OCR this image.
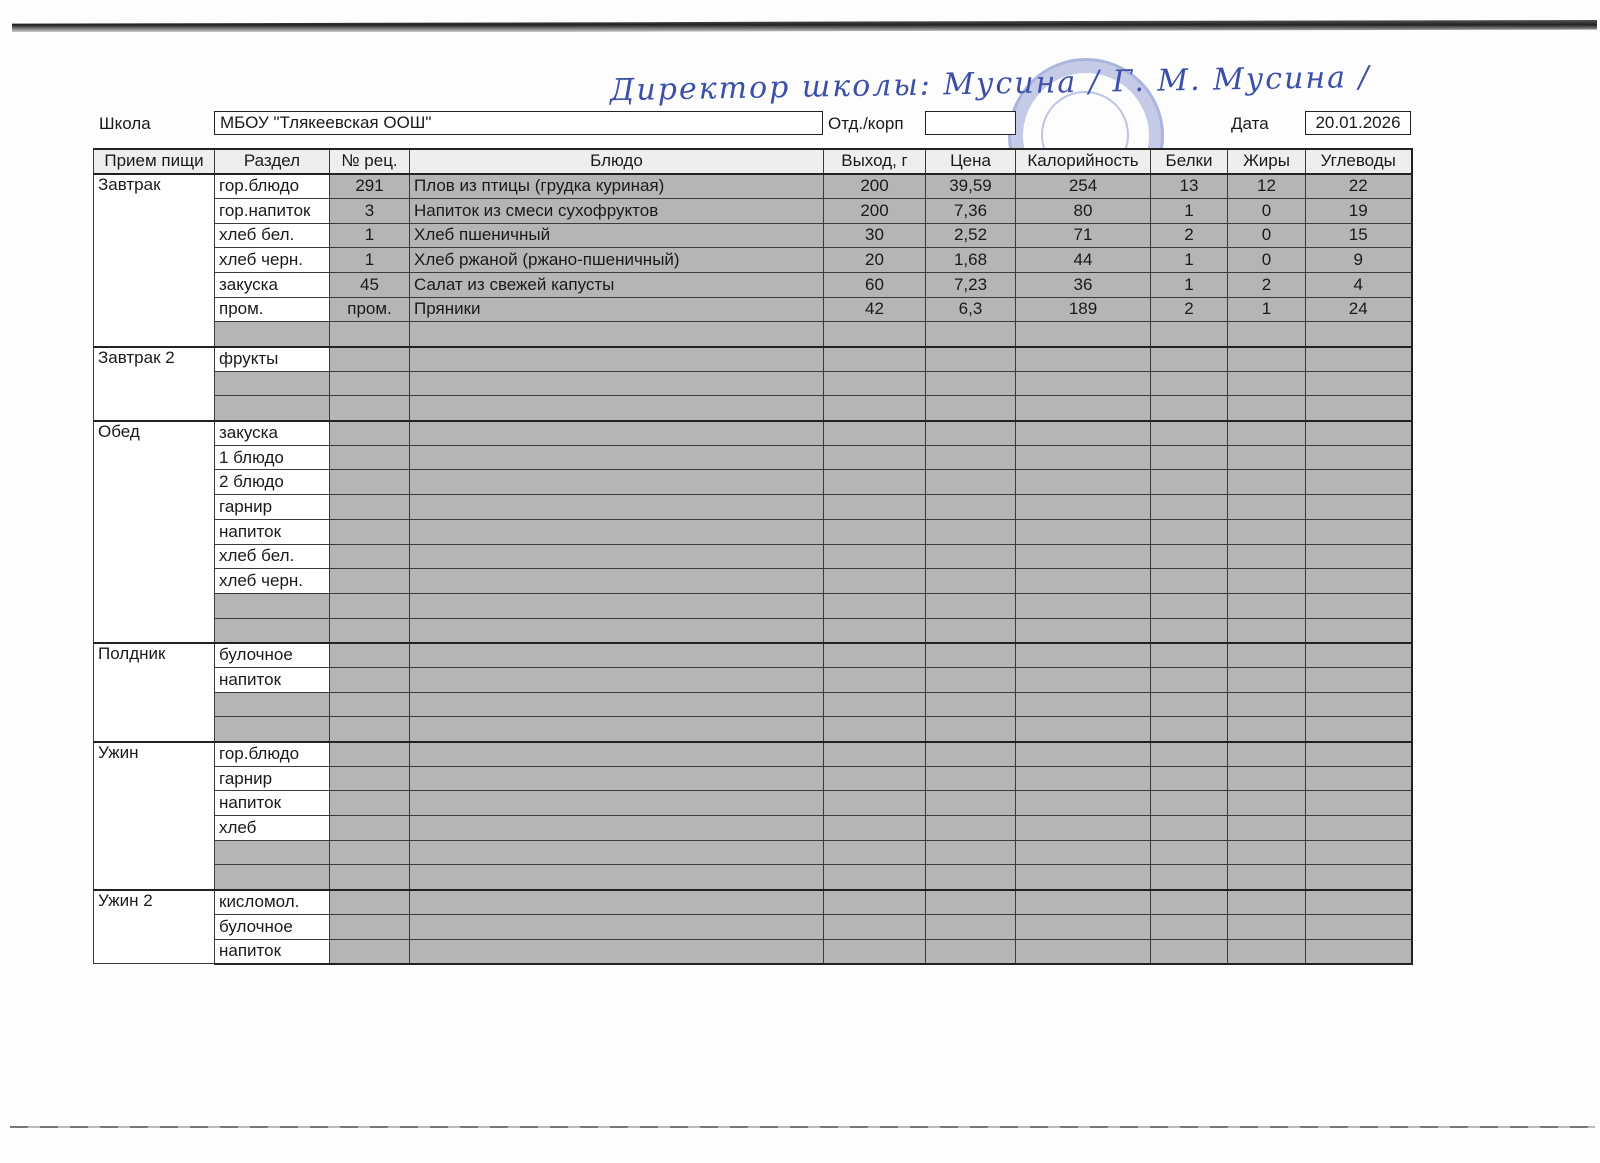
Директор школы: Мусина / Г. М. Мусина /
Школа	МБОУ "Тлякеевская ООШ"	Отд./корп	Дата	20.01.2026
Прием пищи	Раздел	№ рец.	Блюдо	Выход, г	Цена	Калорийность	Белки	Жиры	Углеводы
Завтрак	гор.блюдо	291	Плов из птицы (грудка куриная)	200	39,59	254	13	12	22
	гор.напиток	3	Напиток из смеси сухофруктов	200	7,36	80	1	0	19
	хлеб бел.	1	Хлеб пшеничный	30	2,52	71	2	0	15
	хлеб черн.	1	Хлеб ржаной (ржано-пшеничный)	20	1,68	44	1	0	9
	закуска	45	Салат из свежей капусты	60	7,23	36	1	2	4
	пром.	пром.	Пряники	42	6,3	189	2	1	24

Завтрак 2	фрукты								

Обед	закуска								
	1 блюдо								
	2 блюдо								
	гарнир								
	напиток								
	хлеб бел.								
	хлеб черн.								

Полдник	булочное								
	напиток								

Ужин	гор.блюдо								
	гарнир								
	напиток								
	хлеб								

Ужин 2	кисломол.								
	булочное								
	напиток								
